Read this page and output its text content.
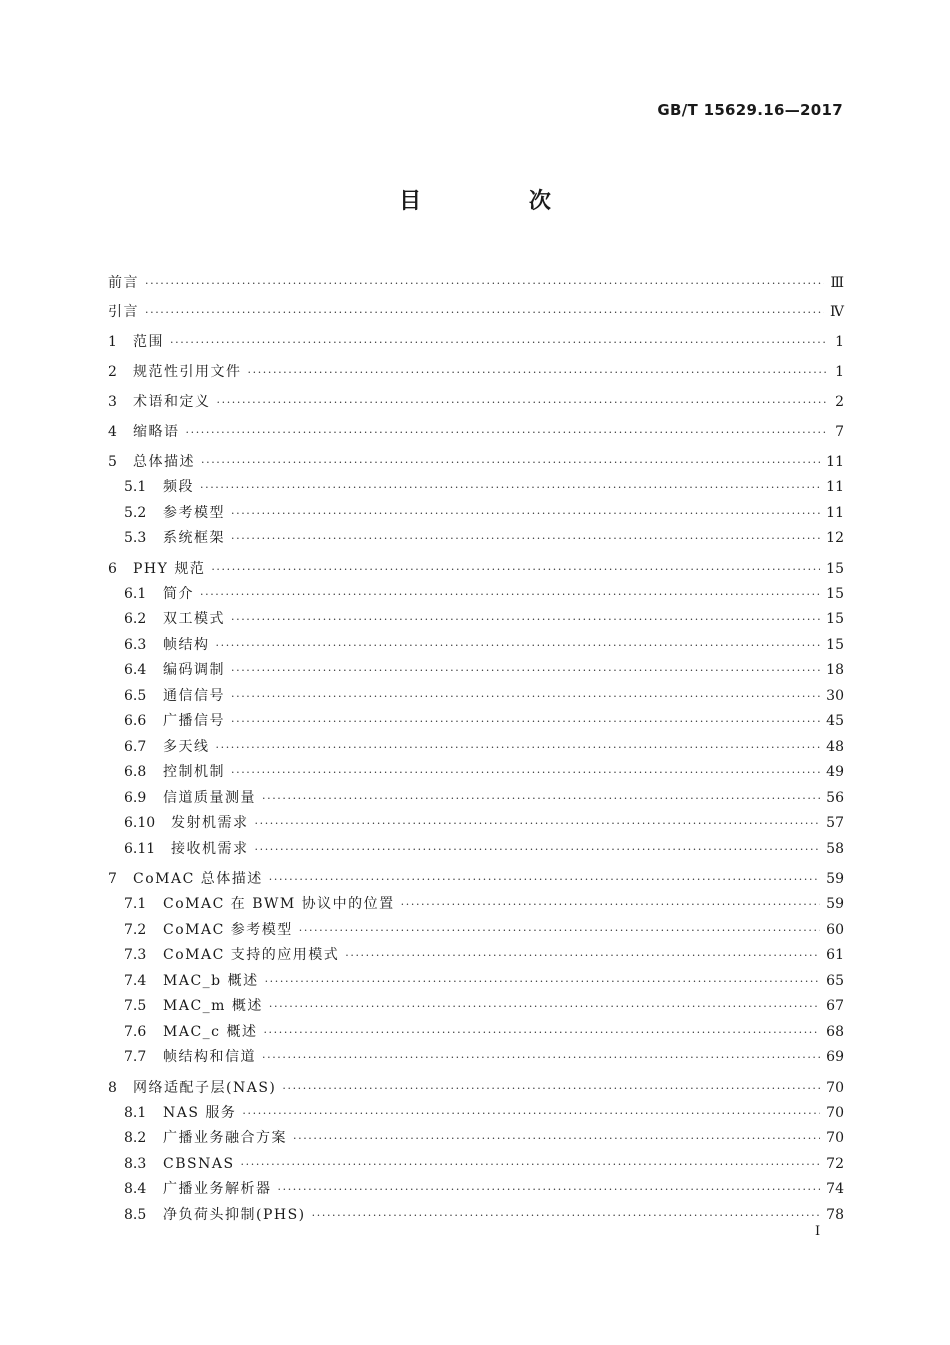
GB/T 15629.16—2017
目 次
前言 ·····	Ⅲ
引言 ·····	Ⅳ
1	范围 ·····	1
2	规范性引用文件 ·····	1
3	术语和定义 ·····	2
4	缩略语 ·····	7
5	总体描述 ·····	11
5.1	频段 ·····	11
5.2	参考模型 ·····	11
5.3	系统框架 ·····	12
6	PHY 规范 ·····	15
6.1	简介 ·····	15
6.2	双工模式 ·····	15
6.3	帧结构 ·····	15
6.4	编码调制 ·····	18
6.5	通信信号 ·····	30
6.6	广播信号 ·····	45
6.7	多天线 ·····	48
6.8	控制机制 ·····	49
6.9	信道质量测量 ·····	56
6.10	发射机需求 ·····	57
6.11	接收机需求 ·····	58
7	CoMAC 总体描述 ·····	59
7.1	CoMAC 在 BWM 协议中的位置 ·····	59
7.2	CoMAC 参考模型 ·····	60
7.3	CoMAC 支持的应用模式 ·····	61
7.4	MAC_b 概述 ·····	65
7.5	MAC_m 概述 ·····	67
7.6	MAC_c 概述 ·····	68
7.7	帧结构和信道 ·····	69
8	网络适配子层(NAS) ·····	70
8.1	NAS 服务 ·····	70
8.2	广播业务融合方案 ·····	70
8.3	CBSNAS ·····	72
8.4	广播业务解析器 ·····	74
8.5	净负荷头抑制(PHS) ·····	78
Ⅰ
